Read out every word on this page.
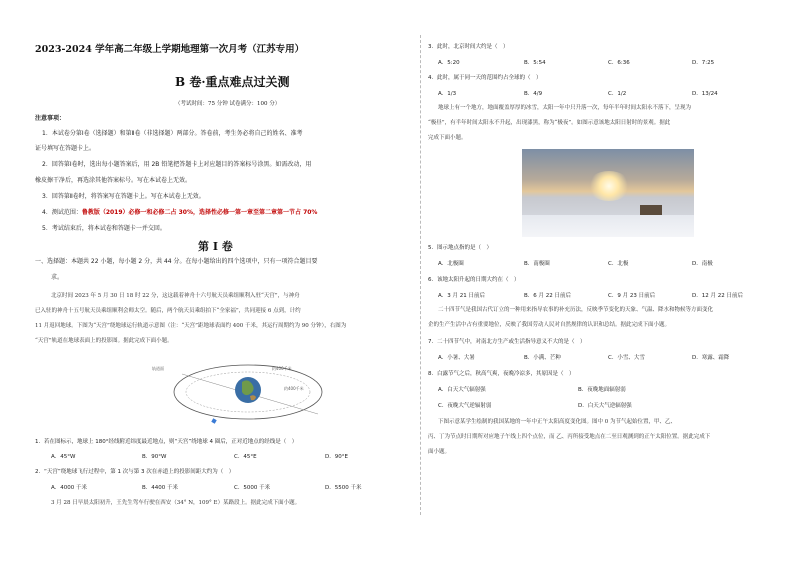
2023-2024 学年高二年级上学期地理第一次月考（江苏专用）
B 卷·重点难点过关测
（考试时间：75 分钟 试卷满分：100 分）
注意事项：
1．本试卷分第Ⅰ卷（选择题）和第Ⅱ卷（非选择题）两部分。答卷前，考生务必将自己的姓名、准考
证号填写在答题卡上。
2．回答第Ⅰ卷时，选出每小题答案后，用 2B 铅笔把答题卡上对应题目的答案标号涂黑。如需改动，用
橡皮擦干净后，再选涂其他答案标号。写在本试卷上无效。
3．回答第Ⅱ卷时，将答案写在答题卡上。写在本试卷上无效。
4．测试范围：鲁教版（2019）必修一和必修二占 30%，选择性必修一第一章至第二章第一节占 70%
5．考试结束后，将本试卷和答题卡一并交回。
第 Ⅰ 卷
一、选择题：本题共 22 小题，每小题 2 分，共 44 分。在每小题给出的四个选项中，只有一项符合题目要
求。
北京时间 2023 年 5 月 30 日 18 时 22 分，这这载着神舟十六号航天员乘组顺利入驻“天宫”，与神舟
已入驻的神舟十五号航天员乘组顺利会师太空。随后，两个航天员乘组拍下“全家福”，共同迎接 6 点到，计约
11 月返回地球。下图为“天宫”绕地球运行轨道示意图（注：“天宫”距地球表面约 400 千米，其运行周期约为 90 分钟），右图为
“天宫”轨道在地球表面上的投影图。据此完成下面小题。
轨道面	约400千米
约400千米
1．若在图标示，地球上 180°经线附近纬度最近地点，则“天宫”绕地球 4 圈后，正对近地点的经线是（　）
A．45°W	B．90°W	C．45°E	D．90°E
2．“天宫”绕地球飞行过程中，第 1 次与第 3 次在赤道上的投影间距大约为（　）
A．4000 千米	B．4400 千米	C．5000 千米	D．5500 千米
3 月 28 日早晨太阳初升，王先生驾车行驶在西安（34° N，109° E）某路段上。据此完成下面小题。
3．此时，北京时间大约是（　）
A．5:20	B．5:54	C．6:36	D．7:25
4．此时，属于同一天的范围约占全球的（　）
A．1/3	B．4/9	C．1/2	D．13/24
地球上有一个地方，地面覆盖厚厚的冰雪，太阳一年中只升落一次，每年半年时间太阳永不落下，呈现为
“极昼”，有半年时间太阳永不升起，出现漆黑，称为“极夜”。如图示意该地太阳日射时的景观。据此
完成下面小题。
5．图示地点指的是（　）
A．北极圈	B．南极圈	C．北极	D．南极
6．该地太阳升起的日期大约在（　）
A．3 月 21 日前后	B．6 月 22 日前后	C．9 月 23 日前后	D．12 月 22 日前后
二十四节气是我国古代订立的一种用来指导农事的补充历法，反映季节变化的天象、气温、降水和物候等方面变化
企的生产生活中占有重要地位，反映了我国劳动人民对自然规律的认识和总结。据此完成下面小题。
7．二十四节气中，对南北方生产或生活指导意义不大的是（　）
A．小暑、大暑	B．小满、芒种	C．小雪、大雪	D．寒露、霜降
8．白露节气之后，秋高气爽，夜晚冷凉多，其原因是（　）
A．白天大气辐射强	B．夜晚地面辐射弱
C．夜晚大气逆辐射弱	D．白天大气逆辐射强
下图示意某学生绘制的我国某地的一年中正午太阳高度变化图。图中 0 为节气起始位置，甲、乙、
丙、丁为节点时日期所对应地子午线上四个点位，而 乙、丙所接受地点在二至日观测到的正午太阳位置。据此完成下
面小题。
